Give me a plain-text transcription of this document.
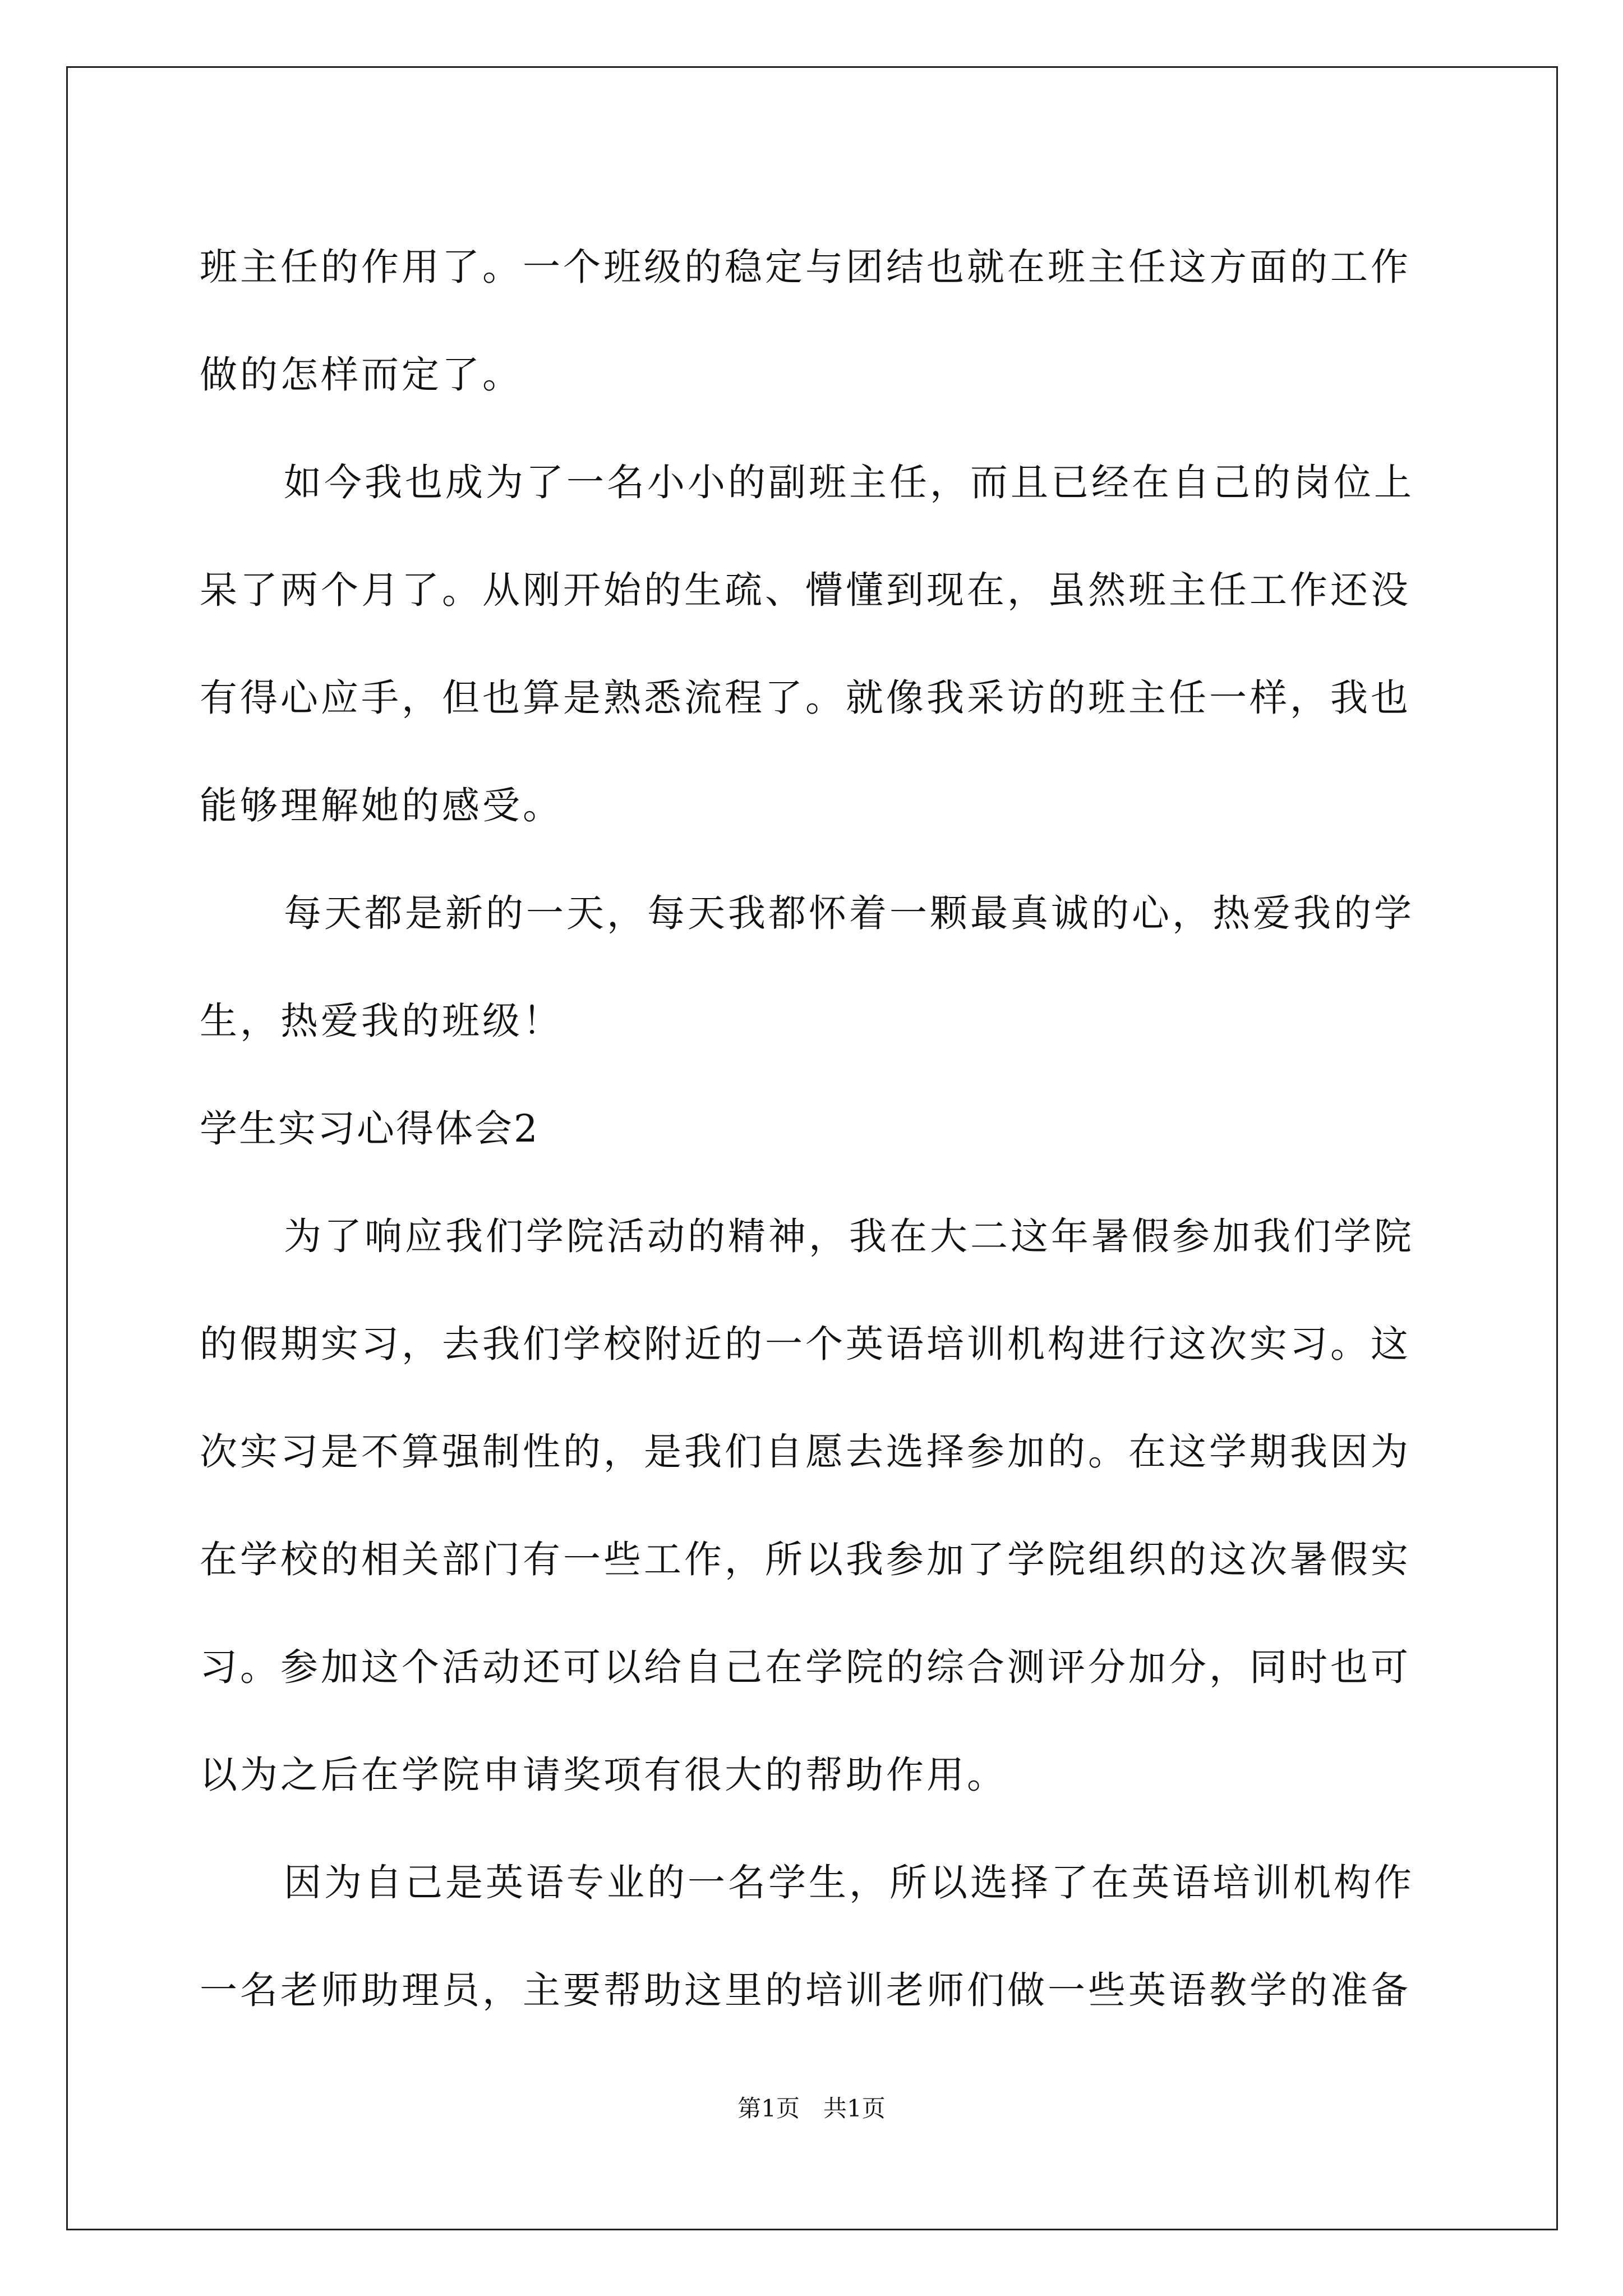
班主任的作用了。一个班级的稳定与团结也就在班主任这方面的工作
做的怎样而定了。
如今我也成为了一名小小的副班主任，而且已经在自己的岗位上
呆了两个月了。从刚开始的生疏、懵懂到现在，虽然班主任工作还没
有得心应手，但也算是熟悉流程了。就像我采访的班主任一样，我也
能够理解她的感受。
每天都是新的一天，每天我都怀着一颗最真诚的心，热爱我的学
生，热爱我的班级！
学生实习心得体会2
为了响应我们学院活动的精神，我在大二这年暑假参加我们学院
的假期实习，去我们学校附近的一个英语培训机构进行这次实习。这
次实习是不算强制性的，是我们自愿去选择参加的。在这学期我因为
在学校的相关部门有一些工作，所以我参加了学院组织的这次暑假实
习。参加这个活动还可以给自己在学院的综合测评分加分，同时也可
以为之后在学院申请奖项有很大的帮助作用。
因为自己是英语专业的一名学生，所以选择了在英语培训机构作
一名老师助理员，主要帮助这里的培训老师们做一些英语教学的准备
第1页　共1页
